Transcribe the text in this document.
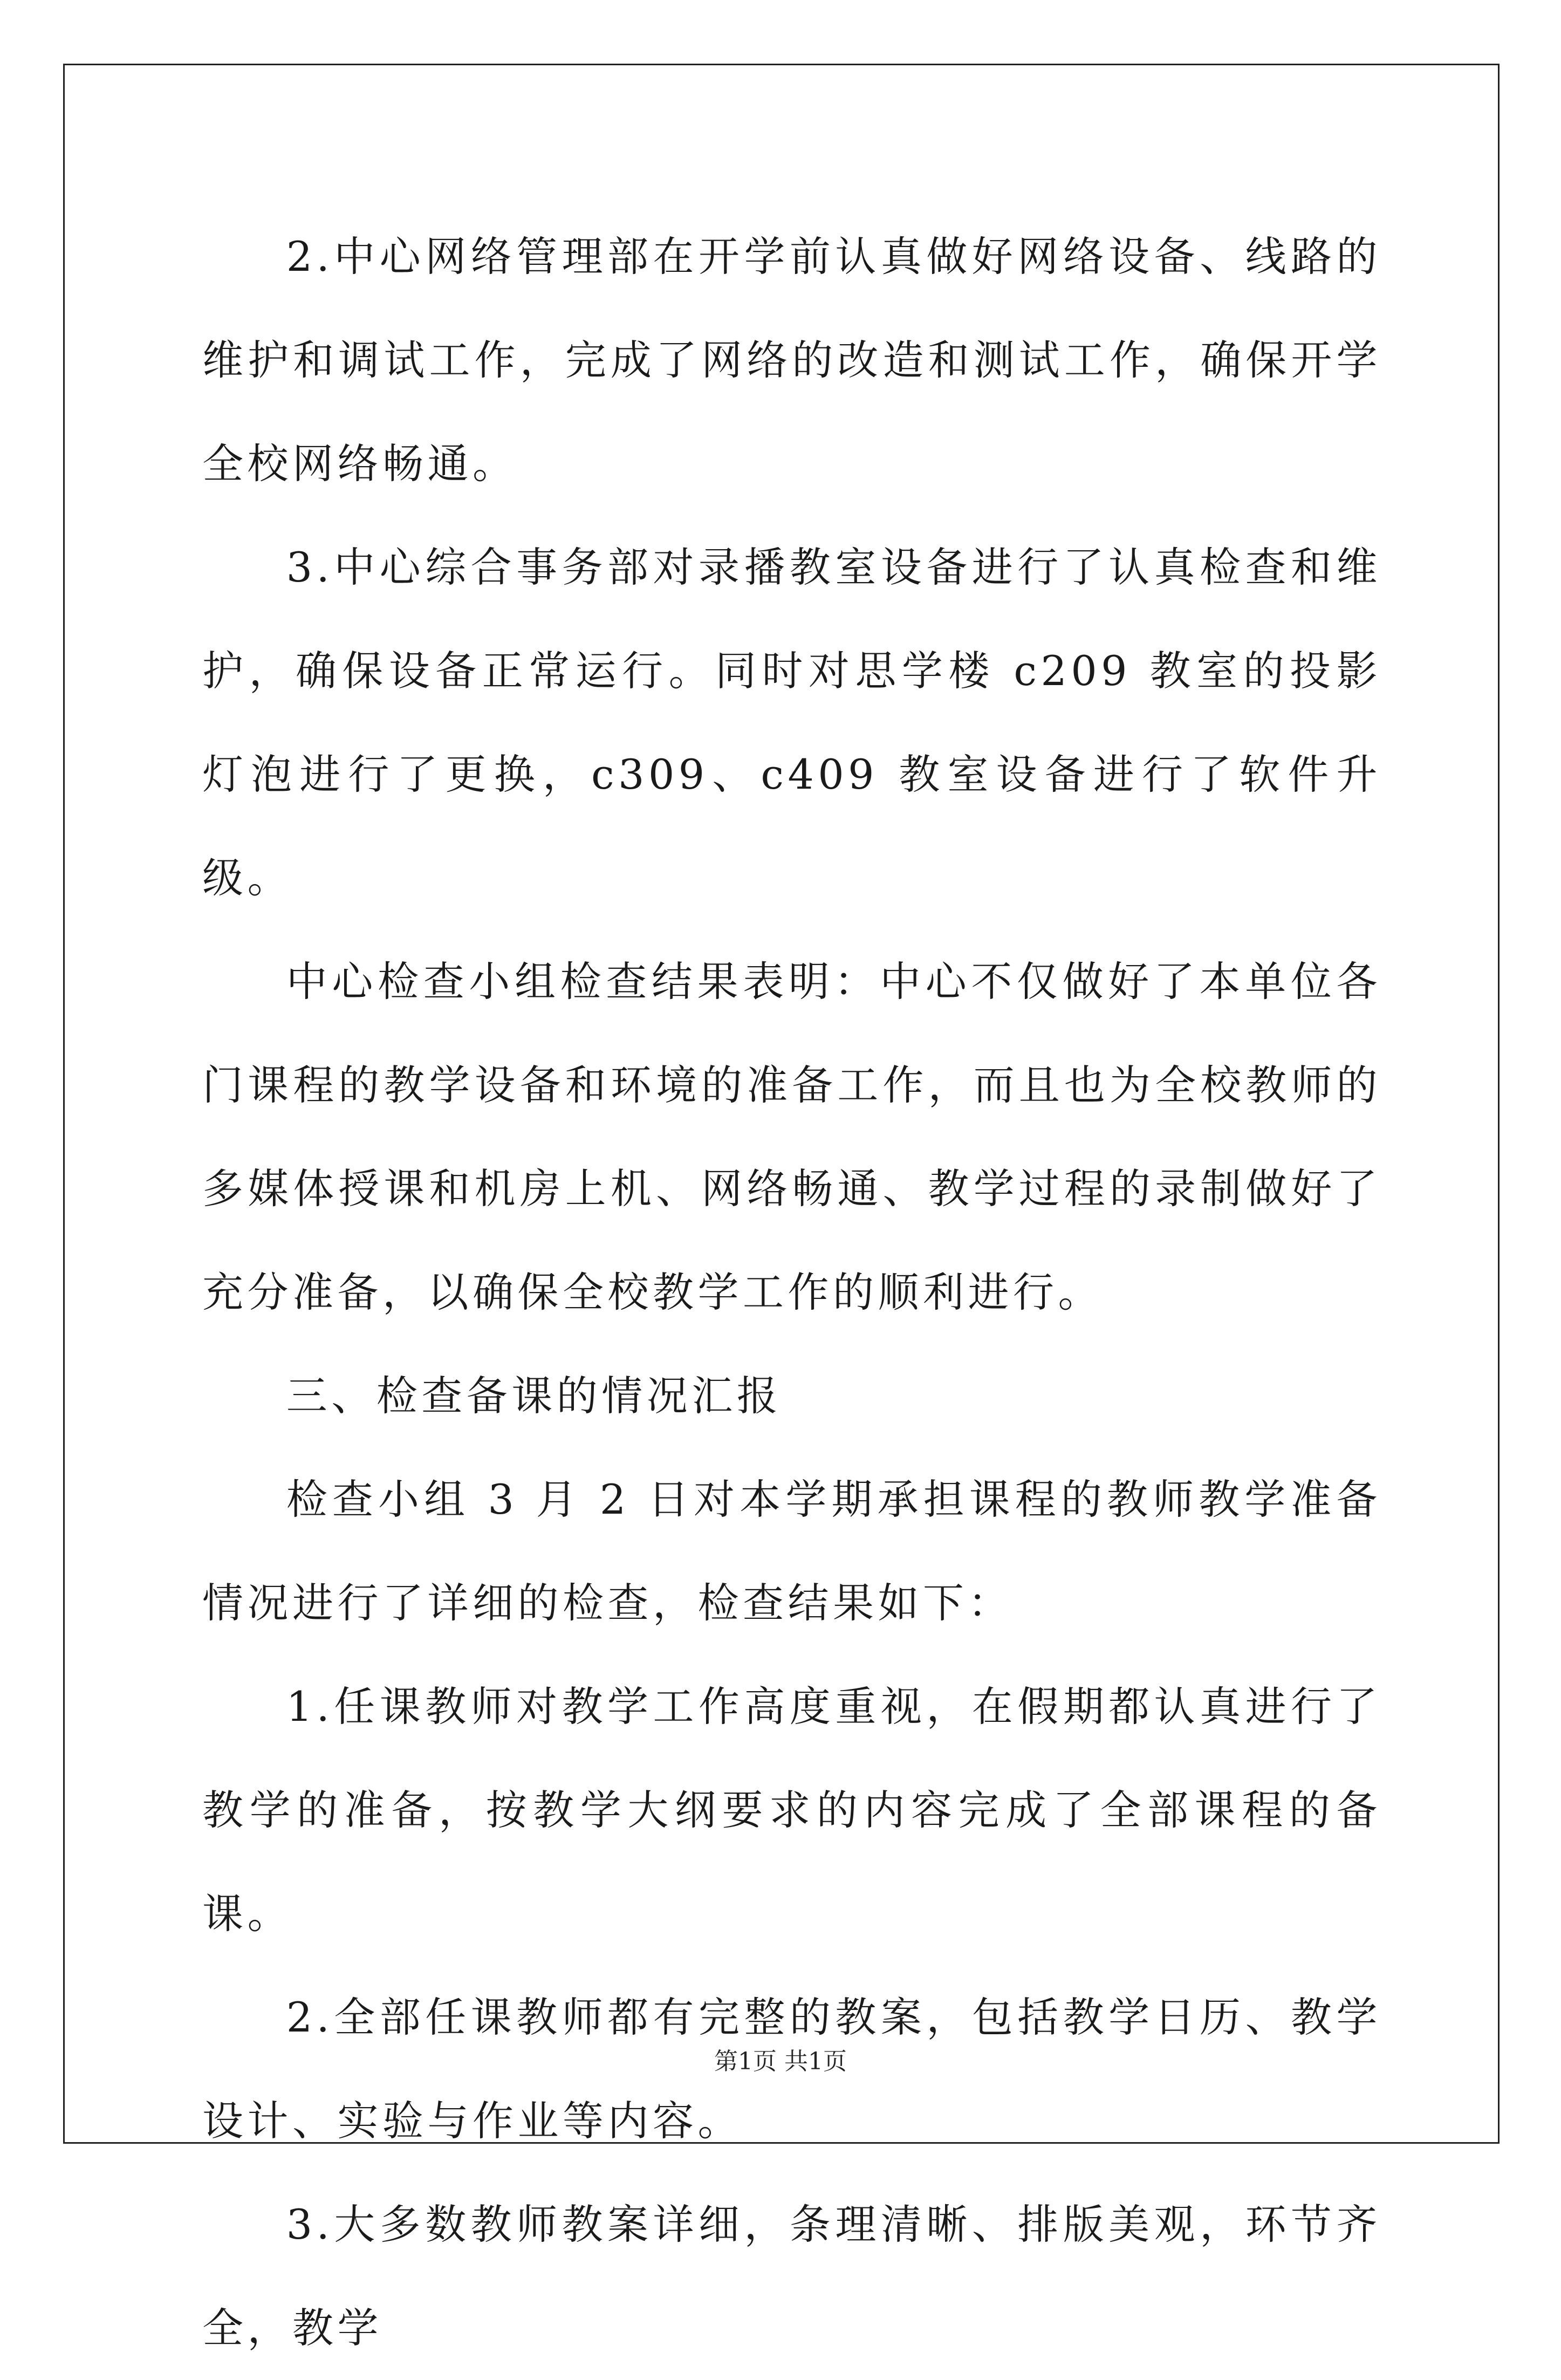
2.中心网络管理部在开学前认真做好网络设备、线路的维护和调试工作，完成了网络的改造和测试工作，确保开学全校网络畅通。

3.中心综合事务部对录播教室设备进行了认真检查和维护，确保设备正常运行。同时对思学楼 c209 教室的投影灯泡进行了更换，c309、c409 教室设备进行了软件升级。

中心检查小组检查结果表明：中心不仅做好了本单位各门课程的教学设备和环境的准备工作，而且也为全校教师的多媒体授课和机房上机、网络畅通、教学过程的录制做好了充分准备，以确保全校教学工作的顺利进行。

三、检查备课的情况汇报

检查小组 3 月 2 日对本学期承担课程的教师教学准备情况进行了详细的检查，检查结果如下：

1.任课教师对教学工作高度重视，在假期都认真进行了教学的准备，按教学大纲要求的内容完成了全部课程的备课。

2.全部任课教师都有完整的教案，包括教学日历、教学设计、实验与作业等内容。

3.大多数教师教案详细，条理清晰、排版美观，环节齐全，教学

第1页 共1页
